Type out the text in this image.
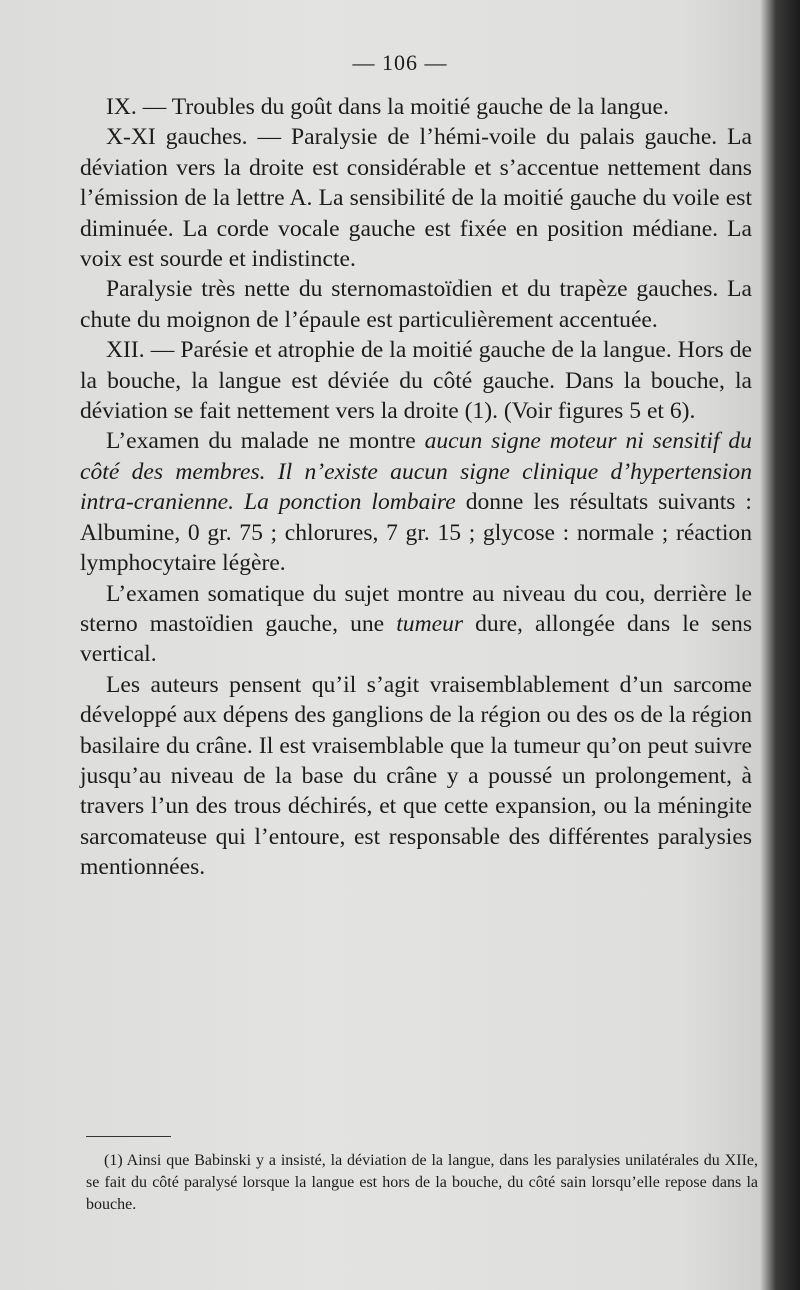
— 106 —

IX. — Troubles du goût dans la moitié gauche de la langue.

X-XI gauches. — Paralysie de l’hémi-voile du palais gauche. La déviation vers la droite est considérable et s’accentue nettement dans l’émission de la lettre A. La sensibilité de la moitié gauche du voile est diminuée. La corde vocale gauche est fixée en position médiane. La voix est sourde et indistincte.

Paralysie très nette du sternomastoïdien et du trapèze gauches. La chute du moignon de l’épaule est particulièrement accentuée.

XII. — Parésie et atrophie de la moitié gauche de la langue. Hors de la bouche, la langue est déviée du côté gauche. Dans la bouche, la déviation se fait nettement vers la droite (1). (Voir figures 5 et 6).

L’examen du malade ne montre aucun signe moteur ni sensitif du côté des membres. Il n’existe aucun signe clinique d’hypertension intra-cranienne. La ponction lombaire donne les résultats suivants : Albumine, 0 gr. 75 ; chlorures, 7 gr. 15 ; glycose : normale ; réaction lymphocytaire légère.

L’examen somatique du sujet montre au niveau du cou, derrière le sterno mastoïdien gauche, une tumeur dure, allongée dans le sens vertical.

Les auteurs pensent qu’il s’agit vraisemblablement d’un sarcome développé aux dépens des ganglions de la région ou des os de la région basilaire du crâne. Il est vraisemblable que la tumeur qu’on peut suivre jusqu’au niveau de la base du crâne y a poussé un prolongement, à travers l’un des trous déchirés, et que cette expansion, ou la méningite sarcomateuse qui l’entoure, est responsable des différentes paralysies mentionnées.

(1) Ainsi que Babinski y a insisté, la déviation de la langue, dans les paralysies unilatérales du XIIe, se fait du côté paralysé lorsque la langue est hors de la bouche, du côté sain lorsqu’elle repose dans la bouche.
